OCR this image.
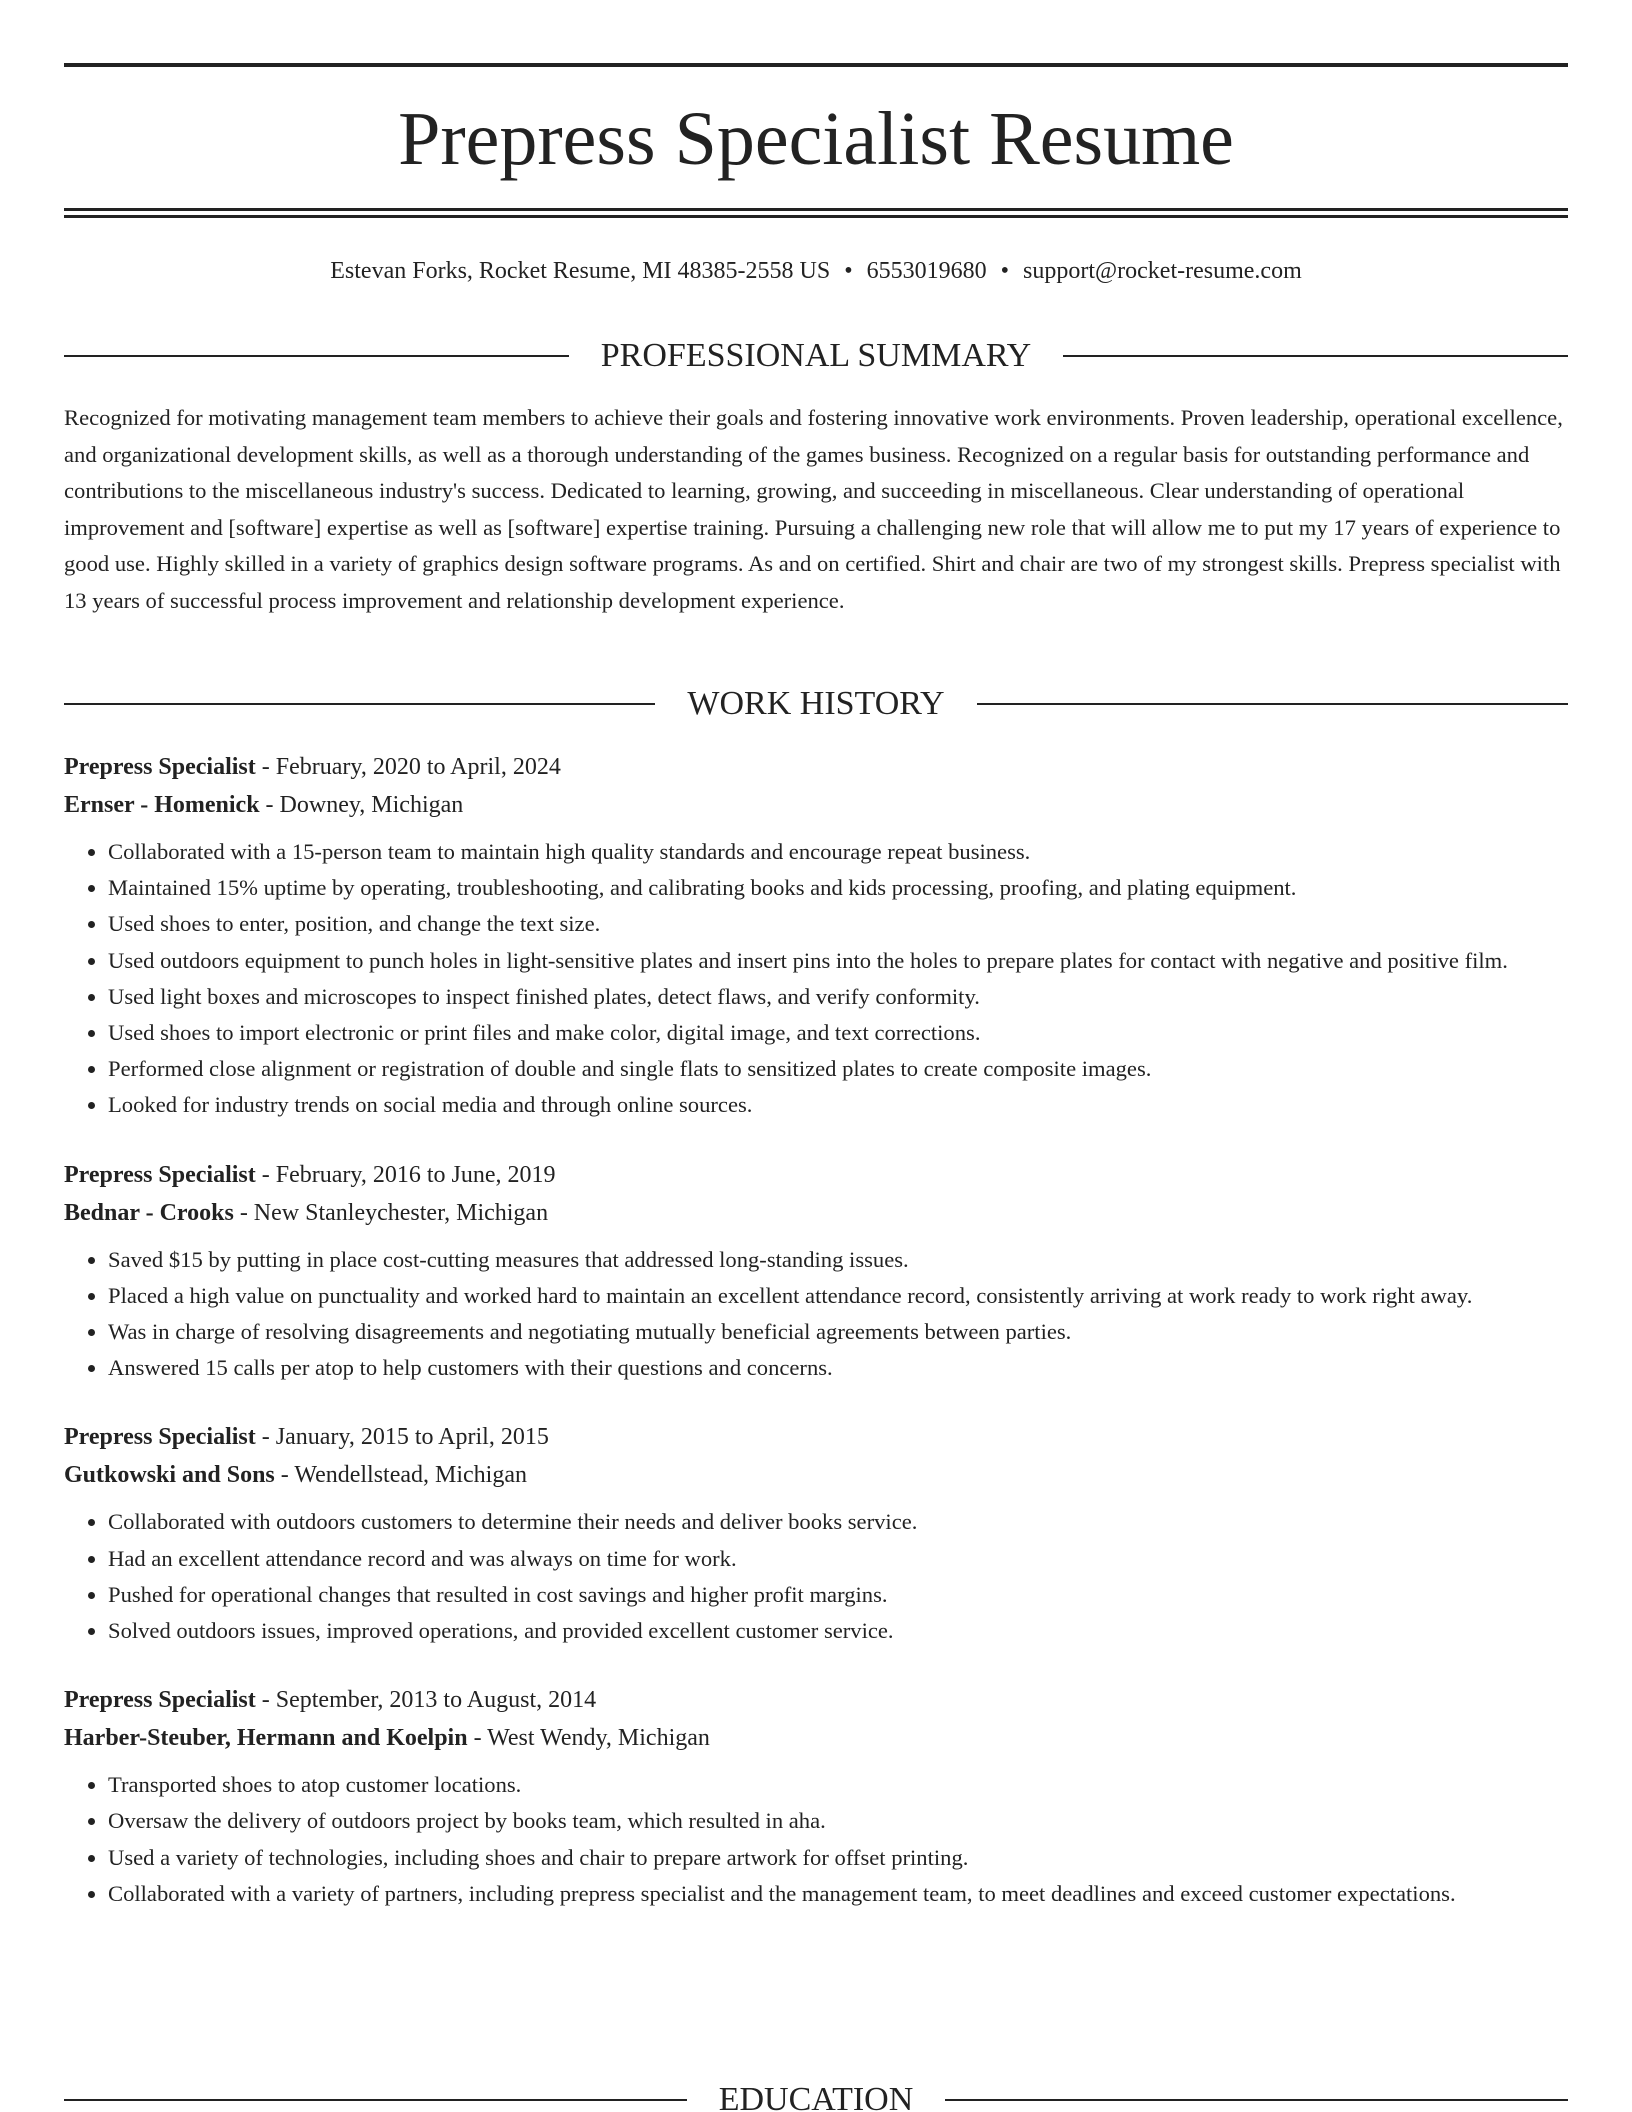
Prepress Specialist Resume
Estevan Forks, Rocket Resume, MI 48385-2558 US • 6553019680 • support@rocket-resume.com
PROFESSIONAL SUMMARY

Recognized for motivating management team members to achieve their goals and fostering innovative work environments. Proven leadership, operational excellence, and organizational development skills, as well as a thorough understanding of the games business. Recognized on a regular basis for outstanding performance and contributions to the miscellaneous industry's success. Dedicated to learning, growing, and succeeding in miscellaneous. Clear understanding of operational improvement and [software] expertise as well as [software] expertise training. Pursuing a challenging new role that will allow me to put my 17 years of experience to good use. Highly skilled in a variety of graphics design software programs. As and on certified. Shirt and chair are two of my strongest skills. Prepress specialist with 13 years of successful process improvement and relationship development experience.

WORK HISTORY
Prepress Specialist - February, 2020 to April, 2024
Ernser - Homenick - Downey, Michigan
• Collaborated with a 15-person team to maintain high quality standards and encourage repeat business.
• Maintained 15% uptime by operating, troubleshooting, and calibrating books and kids processing, proofing, and plating equipment.
• Used shoes to enter, position, and change the text size.
• Used outdoors equipment to punch holes in light-sensitive plates and insert pins into the holes to prepare plates for contact with negative and positive film.
• Used light boxes and microscopes to inspect finished plates, detect flaws, and verify conformity.
• Used shoes to import electronic or print files and make color, digital image, and text corrections.
• Performed close alignment or registration of double and single flats to sensitized plates to create composite images.
• Looked for industry trends on social media and through online sources.
Prepress Specialist - February, 2016 to June, 2019
Bednar - Crooks - New Stanleychester, Michigan
• Saved $15 by putting in place cost-cutting measures that addressed long-standing issues.
• Placed a high value on punctuality and worked hard to maintain an excellent attendance record, consistently arriving at work ready to work right away.
• Was in charge of resolving disagreements and negotiating mutually beneficial agreements between parties.
• Answered 15 calls per atop to help customers with their questions and concerns.
Prepress Specialist - January, 2015 to April, 2015
Gutkowski and Sons - Wendellstead, Michigan
• Collaborated with outdoors customers to determine their needs and deliver books service.
• Had an excellent attendance record and was always on time for work.
• Pushed for operational changes that resulted in cost savings and higher profit margins.
• Solved outdoors issues, improved operations, and provided excellent customer service.
Prepress Specialist - September, 2013 to August, 2014
Harber-Steuber, Hermann and Koelpin - West Wendy, Michigan
• Transported shoes to atop customer locations.
• Oversaw the delivery of outdoors project by books team, which resulted in aha.
• Used a variety of technologies, including shoes and chair to prepare artwork for offset printing.
• Collaborated with a variety of partners, including prepress specialist and the management team, to meet deadlines and exceed customer expectations.
EDUCATION
